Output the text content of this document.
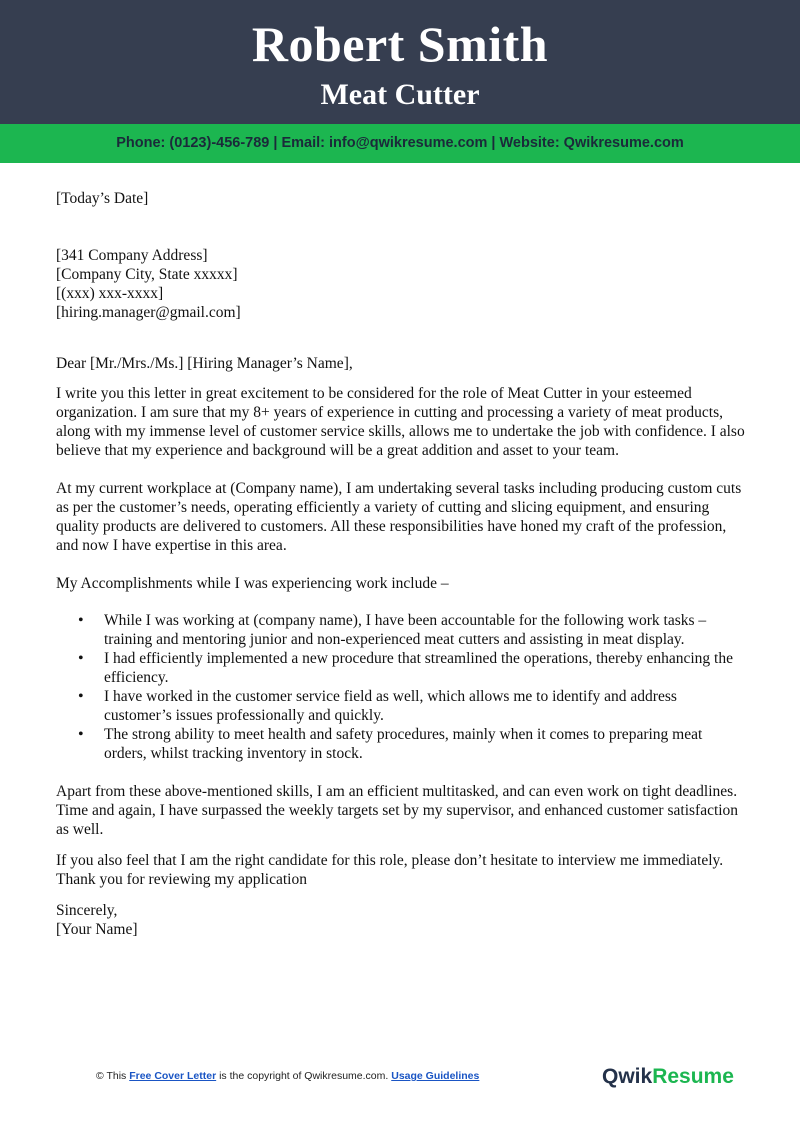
Robert Smith
Meat Cutter
Phone: (0123)-456-789 | Email: info@qwikresume.com | Website: Qwikresume.com

[Today’s Date]

[341 Company Address]

[Company City, State xxxxx]

[(xxx) xxx-xxxx]

[hiring.manager@gmail.com]

Dear [Mr./Mrs./Ms.] [Hiring Manager’s Name],

I write you this letter in great excitement to be considered for the role of Meat Cutter in your esteemed organization. I am sure that my 8+ years of experience in cutting and processing a variety of meat products, along with my immense level of customer service skills, allows me to undertake the job with confidence. I also believe that my experience and background will be a great addition and asset to your team.

At my current workplace at (Company name), I am undertaking several tasks including producing custom cuts as per the customer’s needs, operating efficiently a variety of cutting and slicing equipment, and ensuring quality products are delivered to customers. All these responsibilities have honed my craft of the profession, and now I have expertise in this area.

My Accomplishments while I was experiencing work include –

• While I was working at (company name), I have been accountable for the following work tasks – training and mentoring junior and non-experienced meat cutters and assisting in meat display.
• I had efficiently implemented a new procedure that streamlined the operations, thereby enhancing the efficiency.
• I have worked in the customer service field as well, which allows me to identify and address customer’s issues professionally and quickly.
• The strong ability to meet health and safety procedures, mainly when it comes to preparing meat orders, whilst tracking inventory in stock.

Apart from these above-mentioned skills, I am an efficient multitasked, and can even work on tight deadlines. Time and again, I have surpassed the weekly targets set by my supervisor, and enhanced customer satisfaction as well.

If you also feel that I am the right candidate for this role, please don’t hesitate to interview me immediately. Thank you for reviewing my application

Sincerely,

[Your Name]

© This Free Cover Letter is the copyright of Qwikresume.com. Usage Guidelines	QwikResume
